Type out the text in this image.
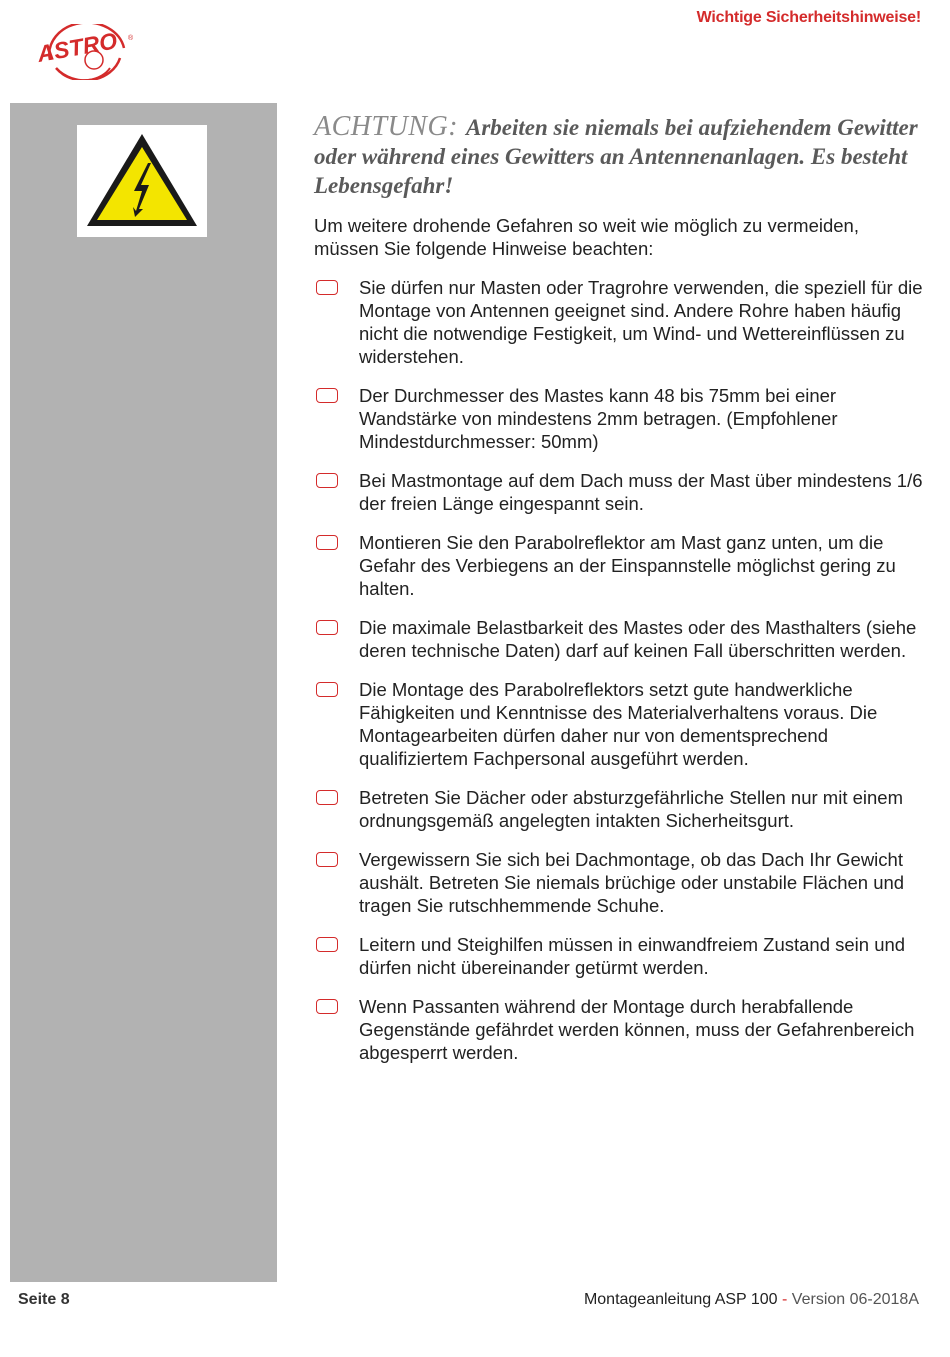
Wichtige Sicherheitshinweise!
ASTRO ®

ACHTUNG: Arbeiten sie niemals bei aufziehendem Gewitter oder während eines Gewitters an Antennenanlagen. Es besteht Lebensgefahr!

Um weitere drohende Gefahren so weit wie möglich zu vermeiden, müssen Sie folgende Hinweise beachten:

Sie dürfen nur Masten oder Tragrohre verwenden, die speziell für die Montage von Antennen geeignet sind. Andere Rohre haben häufig nicht die notwendige Festigkeit, um Wind- und Wettereinflüssen zu widerstehen.
Der Durchmesser des Mastes kann 48 bis 75mm bei einer Wandstärke von mindestens 2mm betragen. (Empfohlener Mindestdurchmesser: 50mm)
Bei Mastmontage auf dem Dach muss der Mast über mindestens 1/6 der freien Länge eingespannt sein.
Montieren Sie den Parabolreflektor am Mast ganz unten, um die Gefahr des Verbiegens an der Einspannstelle möglichst gering zu halten.
Die maximale Belastbarkeit des Mastes oder des Masthalters (siehe deren technische Daten) darf auf keinen Fall überschritten werden.
Die Montage des Parabolreflektors setzt gute handwerkliche Fähigkeiten und Kenntnisse des Materialverhaltens voraus. Die Montagearbeiten dürfen daher nur von dementsprechend qualifiziertem Fachpersonal ausgeführt werden.
Betreten Sie Dächer oder absturzgefährliche Stellen nur mit einem ordnungsgemäß angelegten intakten Sicherheitsgurt.
Vergewissern Sie sich bei Dachmontage, ob das Dach Ihr Gewicht aushält. Betreten Sie niemals brüchige oder unstabile Flächen und tragen Sie rutschhemmende Schuhe.
Leitern und Steighilfen müssen in einwandfreiem Zustand sein und dürfen nicht übereinander getürmt werden.
Wenn Passanten während der Montage durch herabfallende Gegenstände gefährdet werden können, muss der Gefahrenbereich abgesperrt werden.
Seite 8	Montageanleitung ASP 100 - Version 06-2018A
